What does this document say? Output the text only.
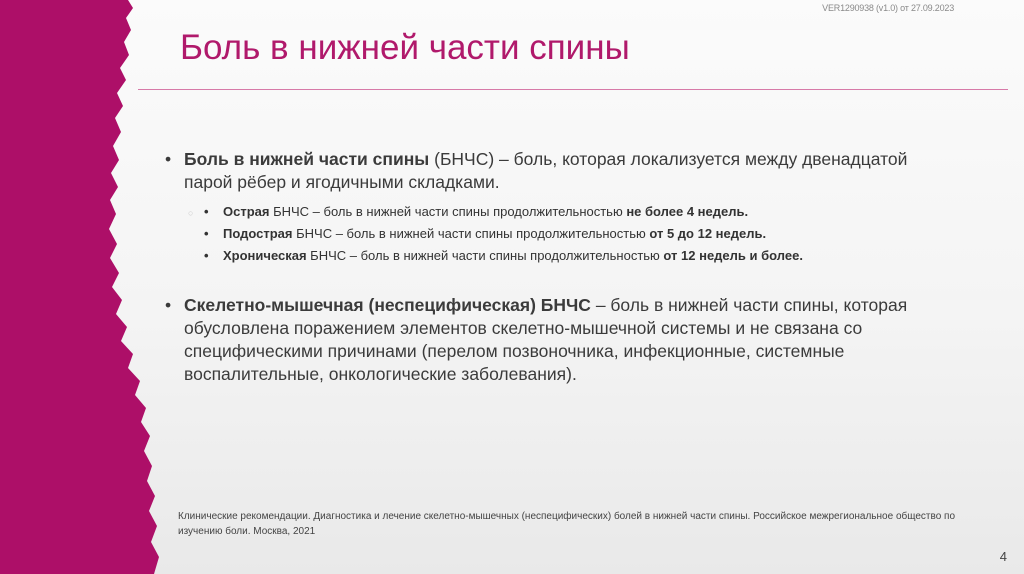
VER1290938 (v1.0) от 27.09.2023
Боль в нижней части спины
• Боль в нижней части спины (БНЧС) – боль, которая локализуется между двенадцатой парой рёбер и ягодичными складками.
○ • Острая БНЧС – боль в нижней части спины продолжительностью не более 4 недель.
• Подострая БНЧС – боль в нижней части спины продолжительностью от 5 до 12 недель.
• Хроническая БНЧС – боль в нижней части спины продолжительностью от 12 недель и более.
• Скелетно-мышечная (неспецифическая) БНЧС – боль в нижней части спины, которая обусловлена поражением элементов скелетно-мышечной системы и не связана со специфическими причинами (перелом позвоночника, инфекционные, системные воспалительные, онкологические заболевания).
Клинические рекомендации. Диагностика и лечение скелетно-мышечных (неспецифических) болей в нижней части спины. Российское межрегиональное общество по изучению боли. Москва, 2021
4
